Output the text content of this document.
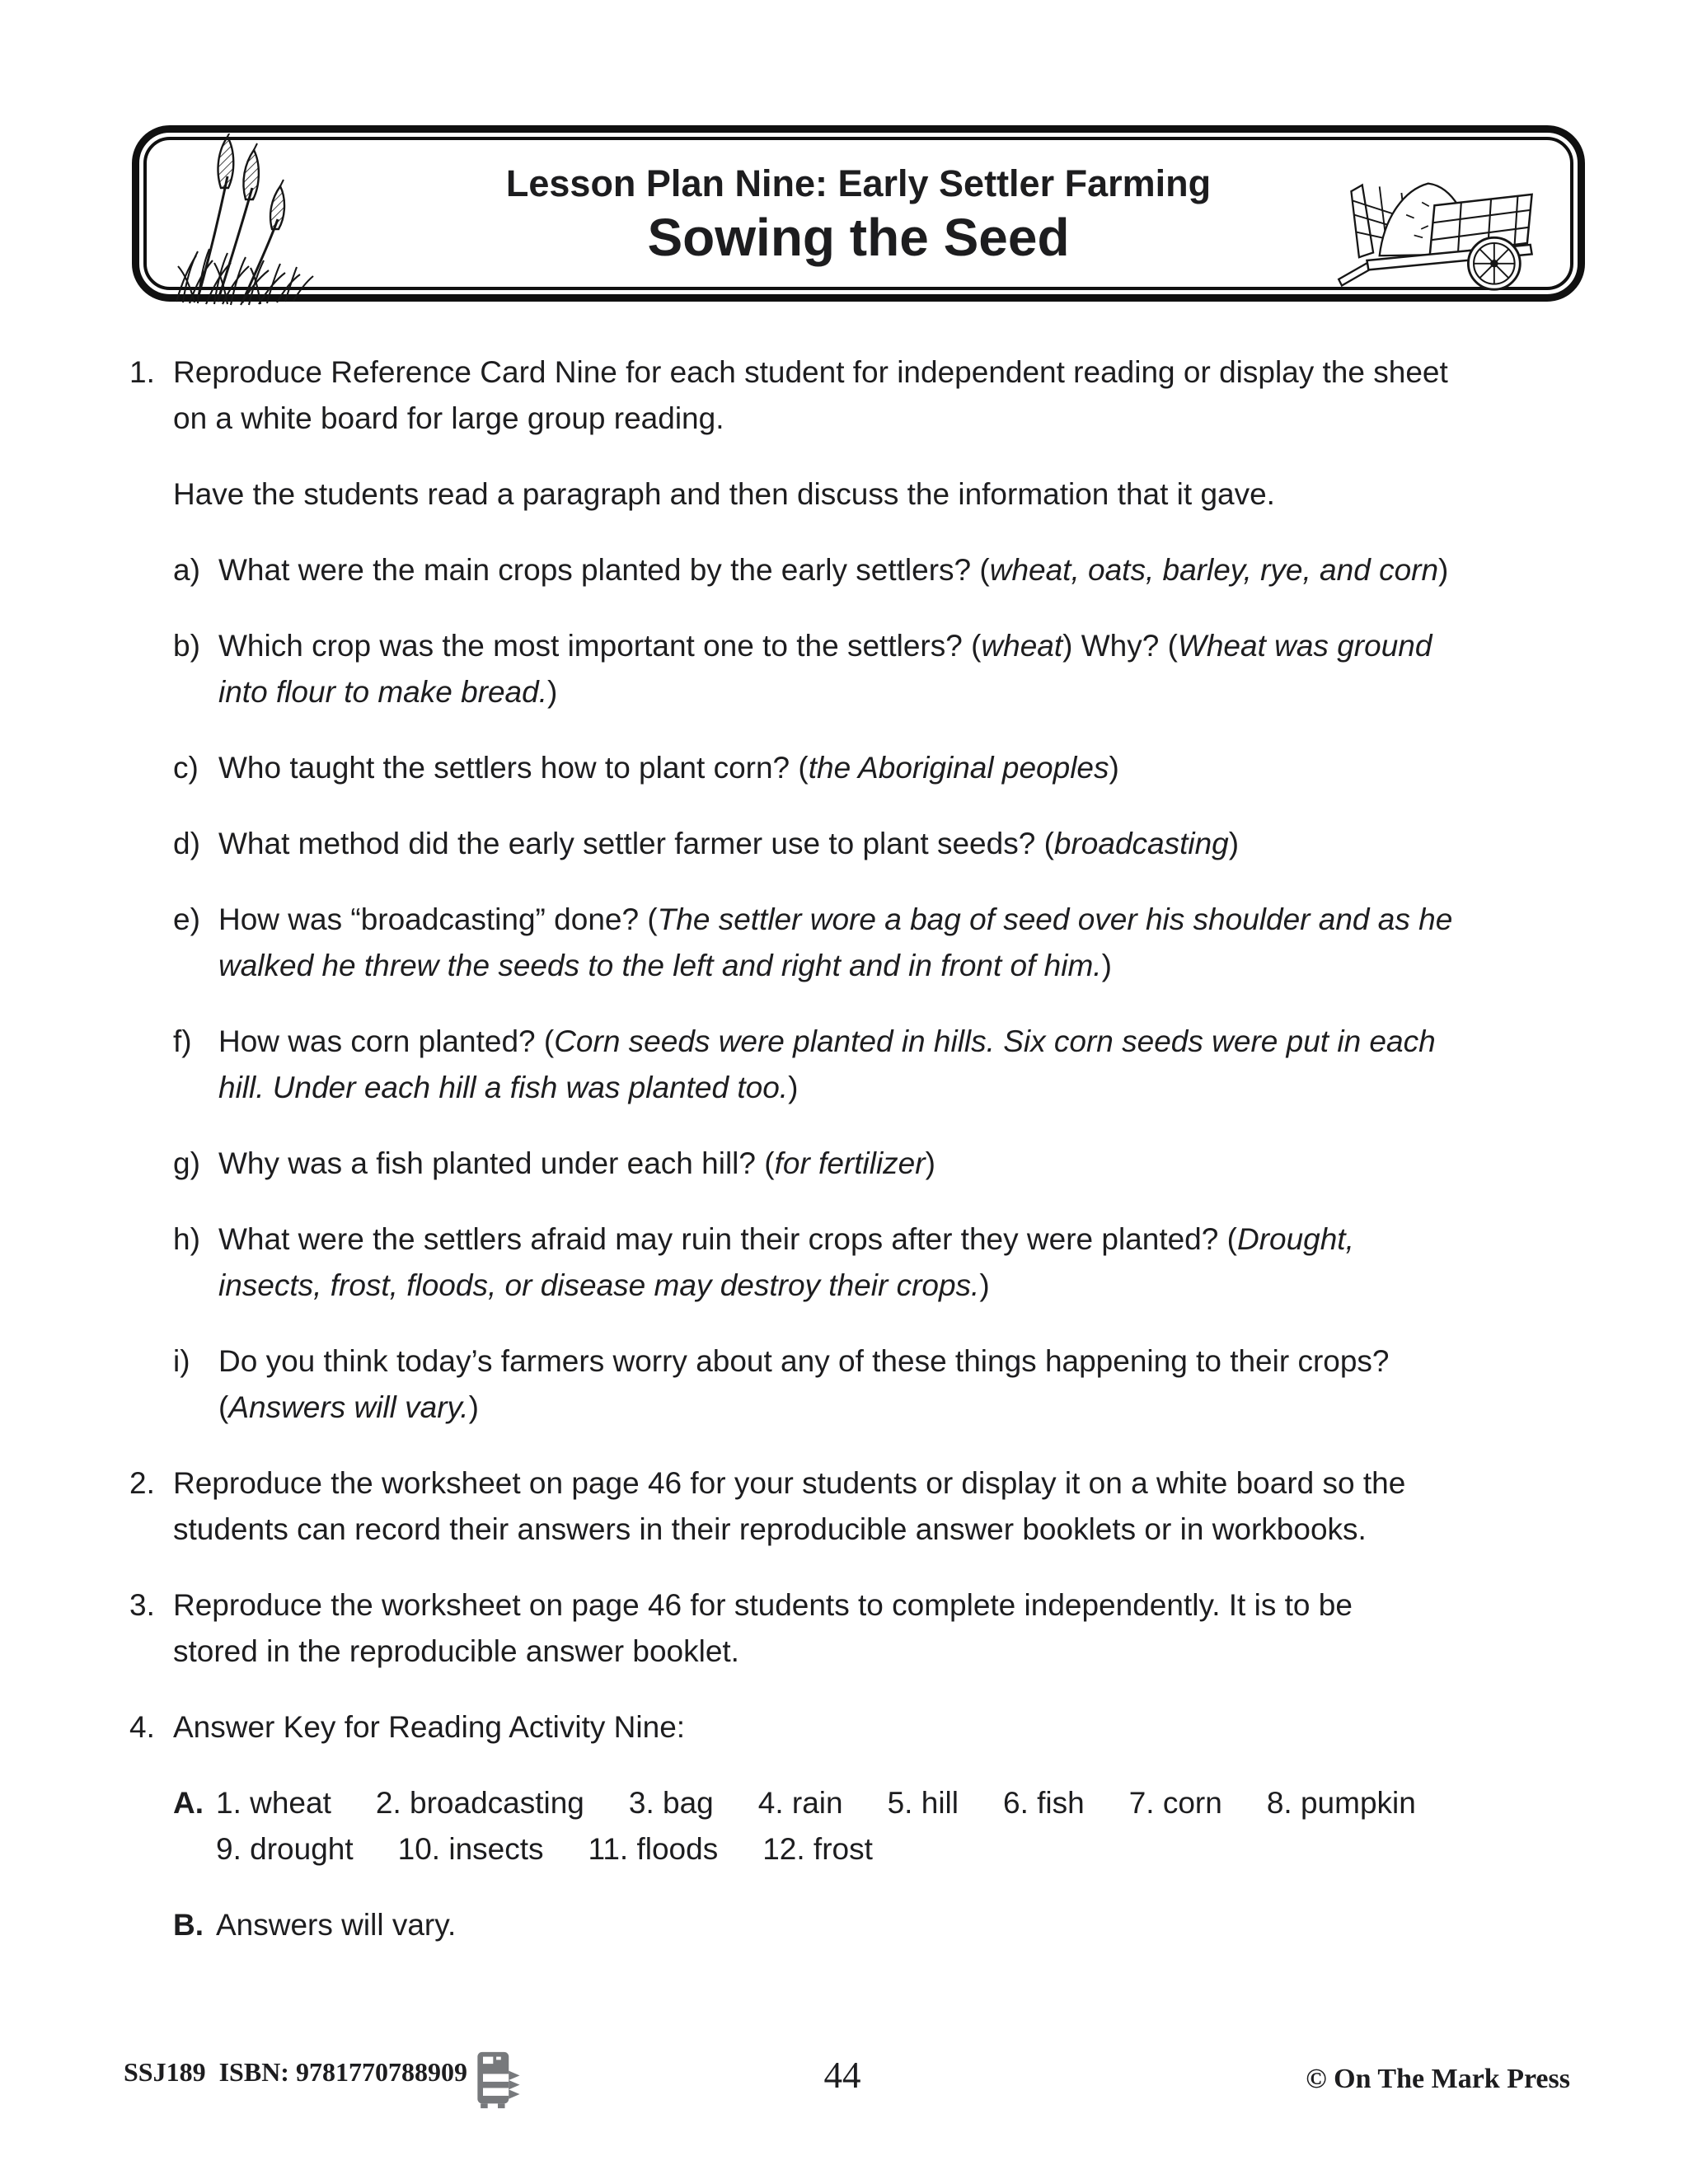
Lesson Plan Nine: Early Settler Farming
Sowing the Seed
1. Reproduce Reference Card Nine for each student for independent reading or display the sheet
on a white board for large group reading.
Have the students read a paragraph and then discuss the information that it gave.
a) What were the main crops planted by the early settlers? (wheat, oats, barley, rye, and corn)
b) Which crop was the most important one to the settlers? (wheat) Why? (Wheat was ground
into flour to make bread.)
c) Who taught the settlers how to plant corn? (the Aboriginal peoples)
d) What method did the early settler farmer use to plant seeds? (broadcasting)
e) How was “broadcasting” done? (The settler wore a bag of seed over his shoulder and as he
walked he threw the seeds to the left and right and in front of him.)
f) How was corn planted? (Corn seeds were planted in hills. Six corn seeds were put in each
hill. Under each hill a fish was planted too.)
g) Why was a fish planted under each hill? (for fertilizer)
h) What were the settlers afraid may ruin their crops after they were planted? (Drought,
insects, frost, floods, or disease may destroy their crops.)
i) Do you think today’s farmers worry about any of these things happening to their crops?
(Answers will vary.)
2. Reproduce the worksheet on page 46 for your students or display it on a white board so the
students can record their answers in their reproducible answer booklets or in workbooks.
3. Reproduce the worksheet on page 46 for students to complete independently. It is to be
stored in the reproducible answer booklet.
4. Answer Key for Reading Activity Nine:
A. 1. wheat 2. broadcasting 3. bag 4. rain 5. hill 6. fish 7. corn 8. pumpkin
9. drought 10. insects 11. floods 12. frost
B. Answers will vary.
SSJ189  ISBN: 9781770788909	44	© On The Mark Press
